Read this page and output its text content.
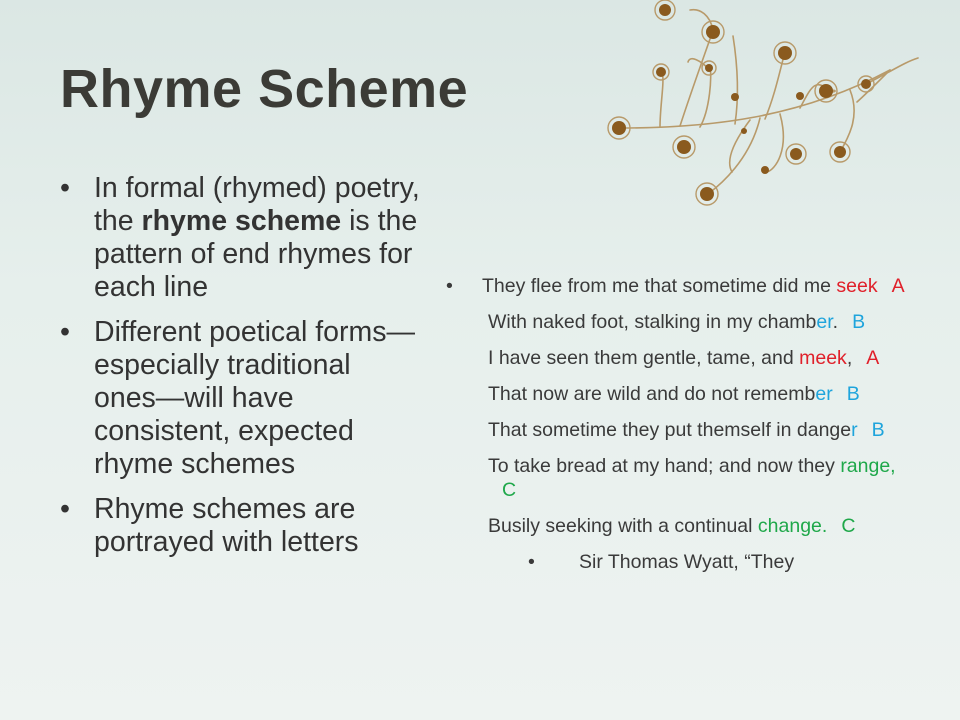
Rhyme Scheme
• In formal (rhymed) poetry, the rhyme scheme is the pattern of end rhymes for each line
• Different poetical forms—especially traditional ones—will have consistent, expected rhyme schemes
• Rhyme schemes are portrayed with letters
• They flee from me that sometime did me seek A
With naked foot, stalking in my chamber. B
I have seen them gentle, tame, and meek, A
That now are wild and do not remember B
That sometime they put themself in danger B
To take bread at my hand; and now they range,C
Busily seeking with a continual change. C
• Sir Thomas Wyatt, “They
